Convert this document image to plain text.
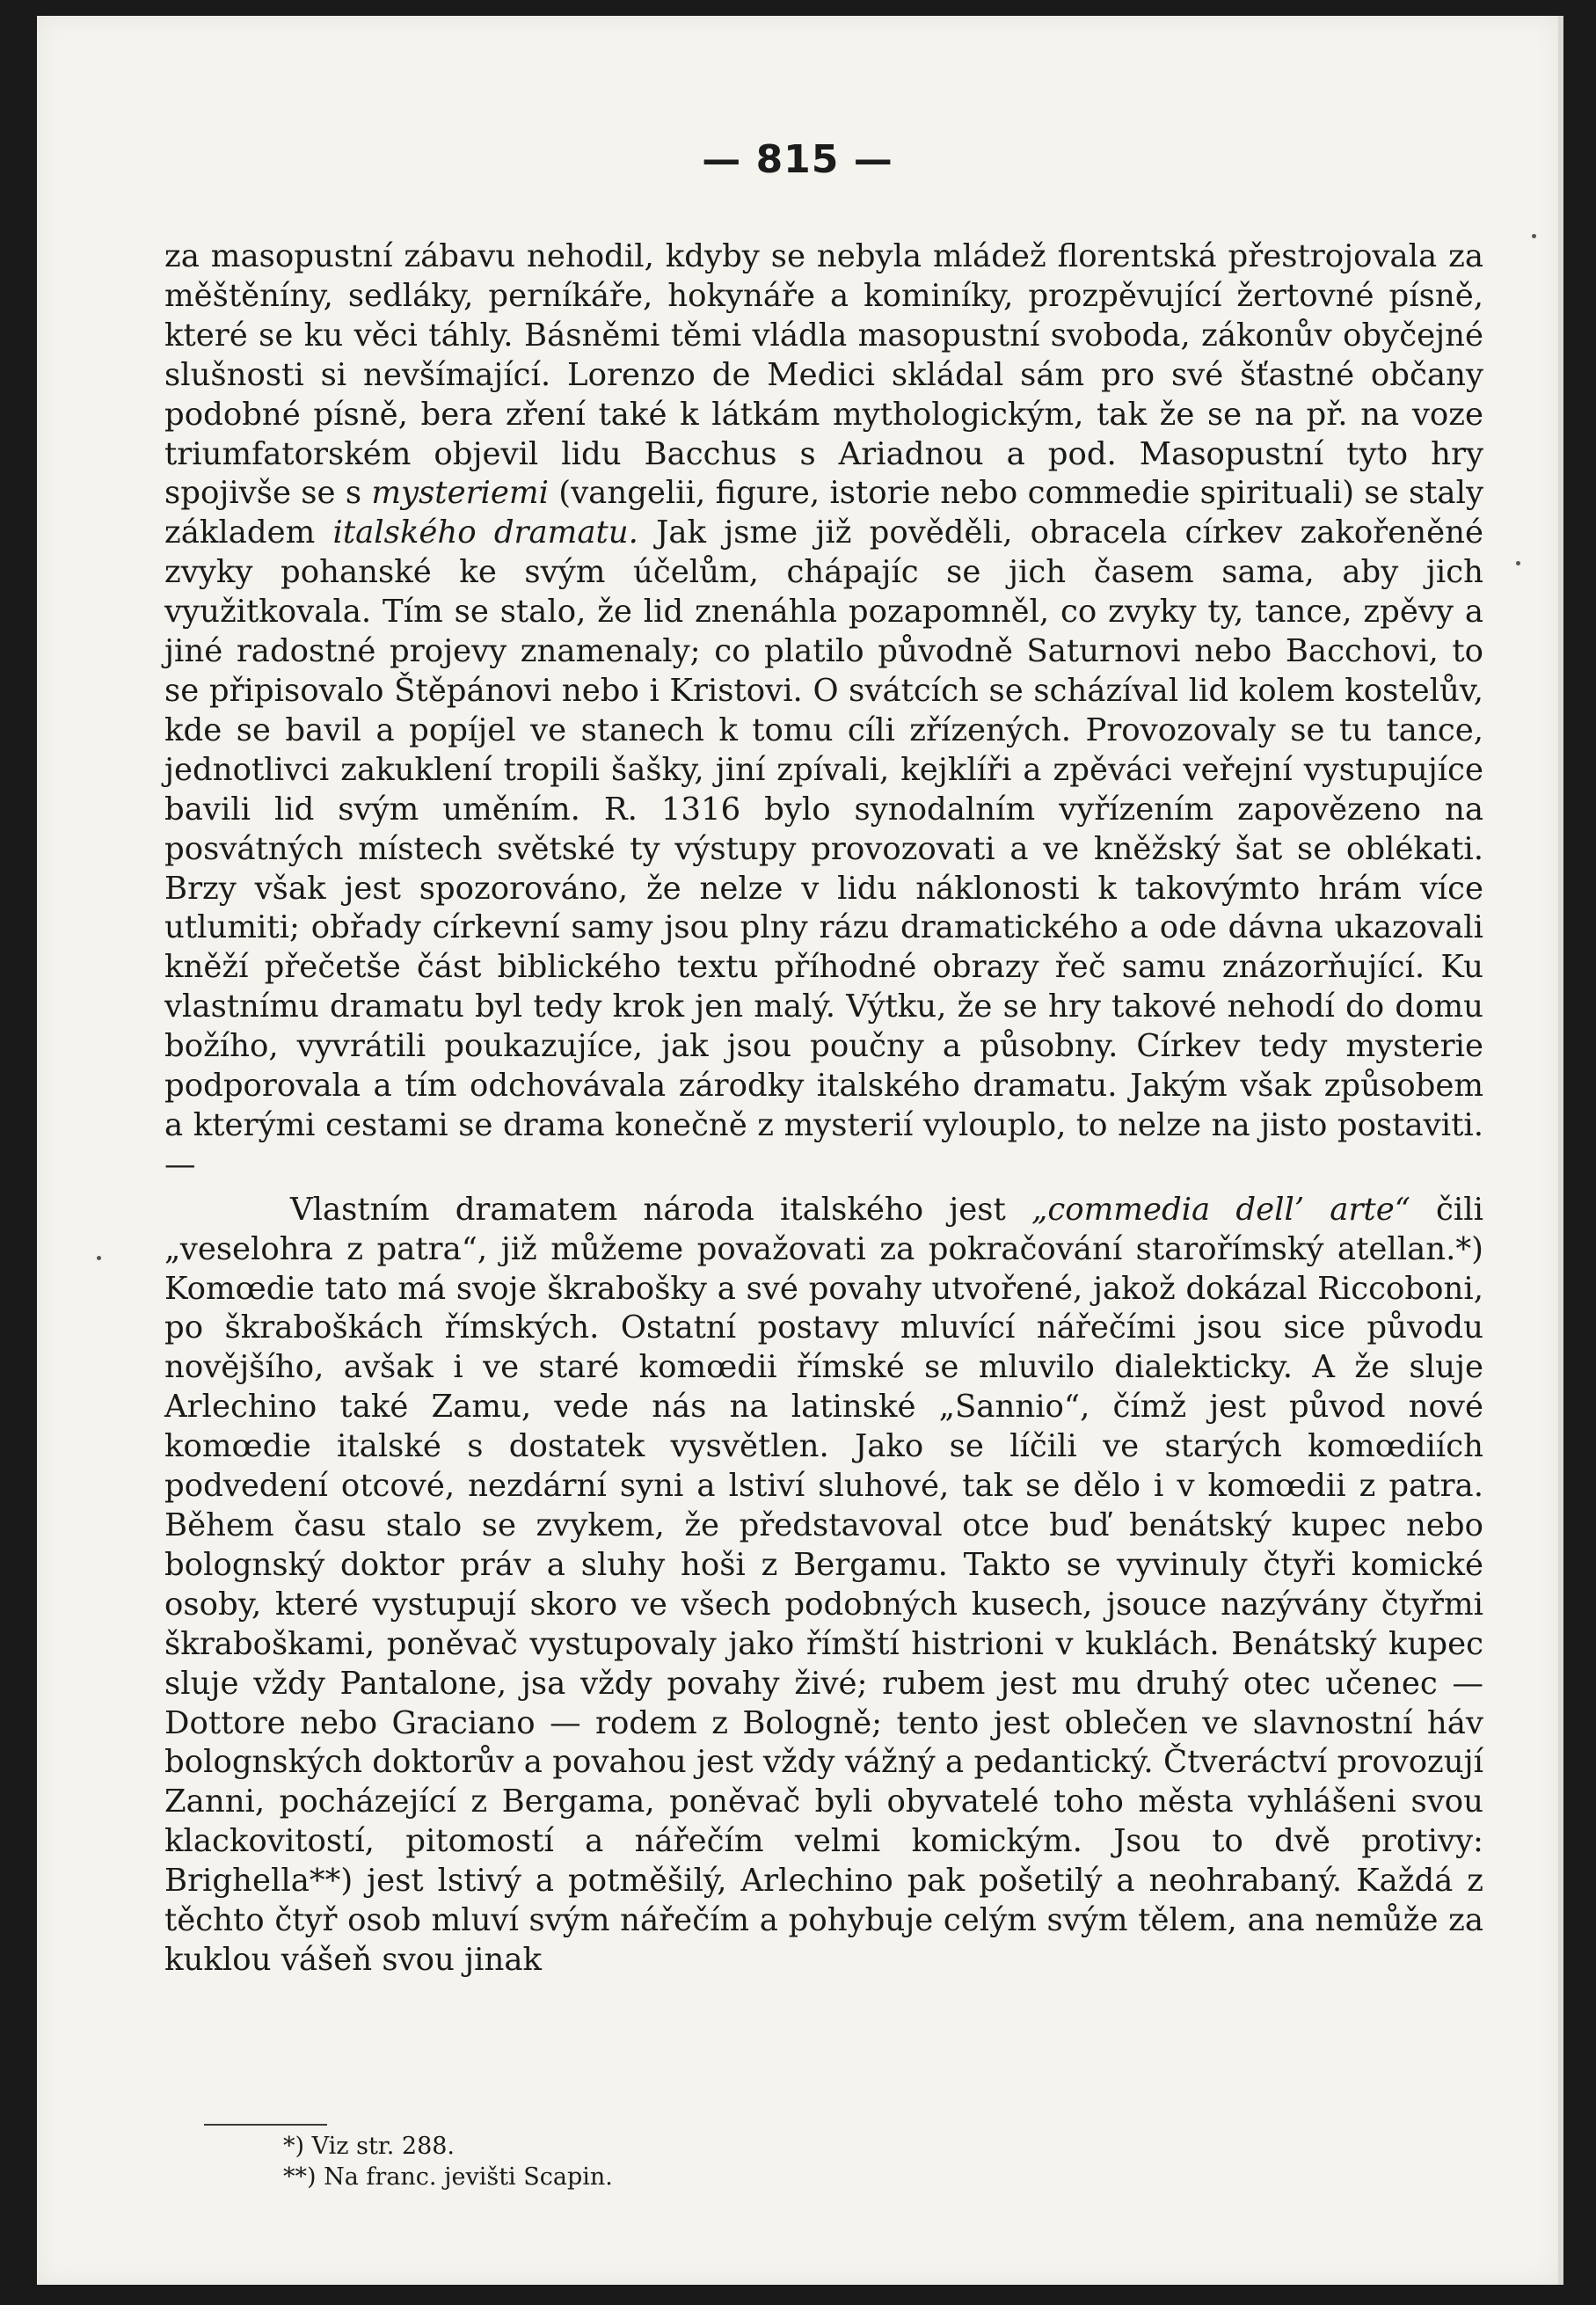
— 815 —

za masopustní zábavu nehodil, kdyby se nebyla mládež florentská přestrojovala za měštěníny, sedláky, perníkáře, hokynáře a kominíky, prozpěvující žertovné písně, které se ku věci táhly. Básněmi těmi vládla masopustní svoboda, zákonův obyčejné slušnosti si nevšímající. Lorenzo de Medici skládal sám pro své šťastné občany podobné písně, bera zření také k látkám mythologickým, tak že se na př. na voze triumfatorském objevil lidu Bacchus s Ariadnou a pod. Masopustní tyto hry spojivše se s mysteriemi (vangelii, figure, istorie nebo commedie spirituali) se staly základem italského dramatu. Jak jsme již pověděli, obracela církev zakořeněné zvyky pohanské ke svým účelům, chápajíc se jich časem sama, aby jich využitkovala. Tím se stalo, že lid znenáhla pozapomněl, co zvyky ty, tance, zpěvy a jiné radostné projevy znamenaly; co platilo původně Saturnovi nebo Bacchovi, to se připisovalo Štěpánovi nebo i Kristovi. O svátcích se scházíval lid kolem kostelův, kde se bavil a popíjel ve stanech k tomu cíli zřízených. Provozovaly se tu tance, jednotlivci zakuklení tropili šašky, jiní zpívali, kejklíři a zpěváci veřejní vystupujíce bavili lid svým uměním. R. 1316 bylo synodalním vyřízením zapovězeno na posvátných místech světské ty výstupy provozovati a ve kněžský šat se oblékati. Brzy však jest spozorováno, že nelze v lidu náklonosti k takovýmto hrám více utlumiti; obřady církevní samy jsou plny rázu dramatického a ode dávna ukazovali kněží přečetše část biblického textu příhodné obrazy řeč samu znázorňující. Ku vlastnímu dramatu byl tedy krok jen malý. Výtku, že se hry takové nehodí do domu božího, vyvrátili poukazujíce, jak jsou poučny a působny. Církev tedy mysterie podporovala a tím odchovávala zárodky italského dramatu. Jakým však způsobem a kterými cestami se drama konečně z mysterií vylouplo, to nelze na jisto postaviti. —

Vlastním dramatem národa italského jest „commedia dell’ arte“ čili „veselohra z patra“, již můžeme považovati za pokračování starořímský atellan.*) Komœdie tato má svoje škrabošky a své povahy utvořené, jakož dokázal Riccoboni, po škraboškách římských. Ostatní postavy mluvící nářečími jsou sice původu novějšího, avšak i ve staré komœdii římské se mluvilo dialekticky. A že sluje Arlechino také Zamu, vede nás na latinské „Sannio“, čímž jest původ nové komœdie italské s dostatek vysvětlen. Jako se líčili ve starých komœdiích podvedení otcové, nezdární syni a lstiví sluhové, tak se dělo i v komœdii z patra. Během času stalo se zvykem, že představoval otce buď benátský kupec nebo bolognský doktor práv a sluhy hoši z Bergamu. Takto se vyvinuly čtyři komické osoby, které vystupují skoro ve všech podobných kusech, jsouce nazývány čtyřmi škraboškami, poněvač vystupovaly jako římští histrioni v kuklách. Benátský kupec sluje vždy Pantalone, jsa vždy povahy živé; rubem jest mu druhý otec učenec — Dottore nebo Graciano — rodem z Bologně; tento jest oblečen ve slavnostní háv bolognských doktorův a povahou jest vždy vážný a pedantický. Čtveráctví provozují Zanni, pocházející z Bergama, poněvač byli obyvatelé toho města vyhlášeni svou klackovitostí, pitomostí a nářečím velmi komickým. Jsou to dvě protivy: Brighella**) jest lstivý a potměšilý, Arlechino pak pošetilý a neohrabaný. Každá z těchto čtyř osob mluví svým nářečím a pohybuje celým svým tělem, ana nemůže za kuklou vášeň svou jinak

*) Viz str. 288.
**) Na franc. jevišti Scapin.
